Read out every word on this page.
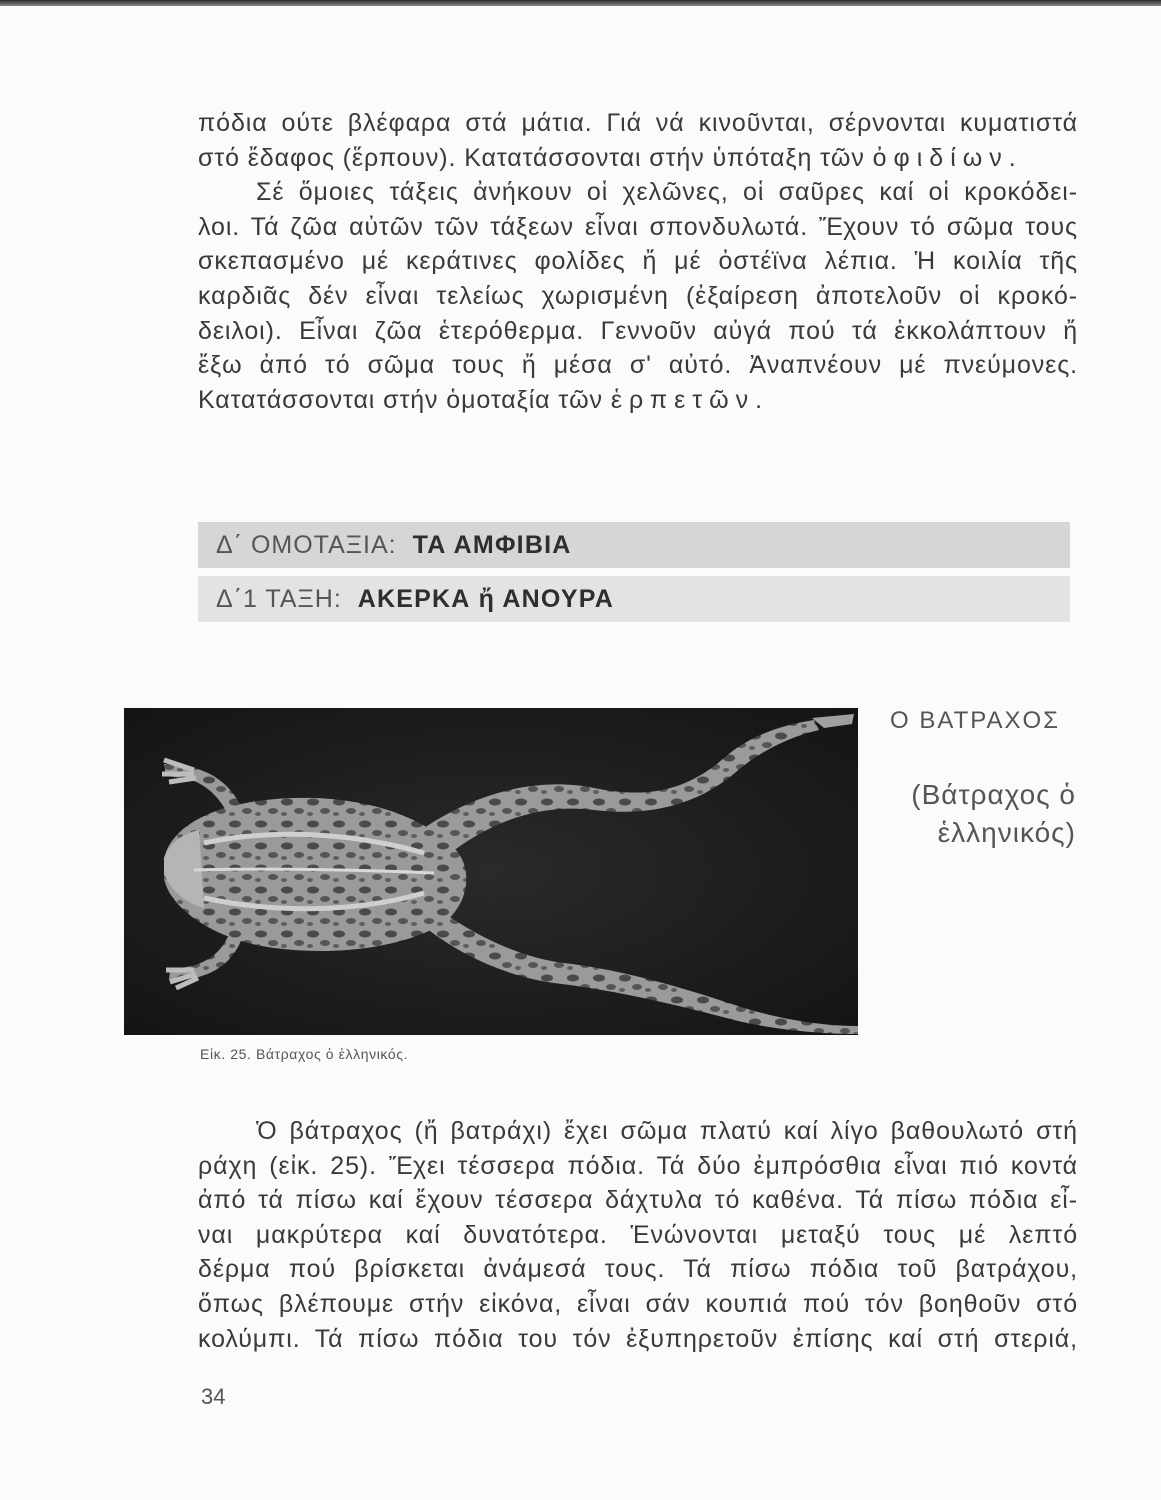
πόδια ούτε βλέφαρα στά μάτια. Γιά νά κινοῦνται, σέρνονται κυματιστά
στό ἔδαφος (ἕρπουν). Κατατάσσονται στήν ὑπόταξη τῶν ὀφιδίων.
Σέ ὅμοιες τάξεις ἀνήκουν οἱ χελῶνες, οἱ σαῦρες καί οἱ κροκόδει-
λοι. Τά ζῶα αὐτῶν τῶν τάξεων εἶναι σπονδυλωτά. Ἔχουν τό σῶμα τους
σκεπασμένο μέ κεράτινες φολίδες ἤ μέ ὀστέϊνα λέπια. Ἡ κοιλία τῆς
καρδιᾶς δέν εἶναι τελείως χωρισμένη (ἐξαίρεση ἀποτελοῦν οἱ κροκό-
δειλοι). Εἶναι ζῶα ἑτερόθερμα. Γεννοῦν αὐγά πού τά ἐκκολάπτουν ἤ
ἔξω ἀπό τό σῶμα τους ἤ μέσα σ' αὐτό. Ἀναπνέουν μέ πνεύμονες.
Κατατάσσονται στήν ὁμοταξία τῶν ἑρπετῶν.
Δ΄ ΟΜΟΤΑΞΙΑ: ΤΑ ΑΜΦΙΒΙΑ
Δ΄1 ΤΑΞΗ: ΑΚΕΡΚΑ ἤ ΑΝΟΥΡΑ
Εἰκ. 25. Βάτραχος ὁ ἑλληνικός.
Ο ΒΑΤΡΑΧΟΣ
(Βάτραχος ὁ
ἑλληνικός)
Ὁ βάτραχος (ἤ βατράχι) ἔχει σῶμα πλατύ καί λίγο βαθουλωτό στή
ράχη (εἰκ. 25). Ἔχει τέσσερα πόδια. Τά δύο ἐμπρόσθια εἶναι πιό κοντά
ἀπό τά πίσω καί ἔχουν τέσσερα δάχτυλα τό καθένα. Τά πίσω πόδια εἶ-
ναι μακρύτερα καί δυνατότερα. Ἑνώνονται μεταξύ τους μέ λεπτό
δέρμα πού βρίσκεται ἀνάμεσά τους. Τά πίσω πόδια τοῦ βατράχου,
ὅπως βλέπουμε στήν εἰκόνα, εἶναι σάν κουπιά πού τόν βοηθοῦν στό
κολύμπι. Τά πίσω πόδια του τόν ἐξυπηρετοῦν ἐπίσης καί στή στεριά,
34
